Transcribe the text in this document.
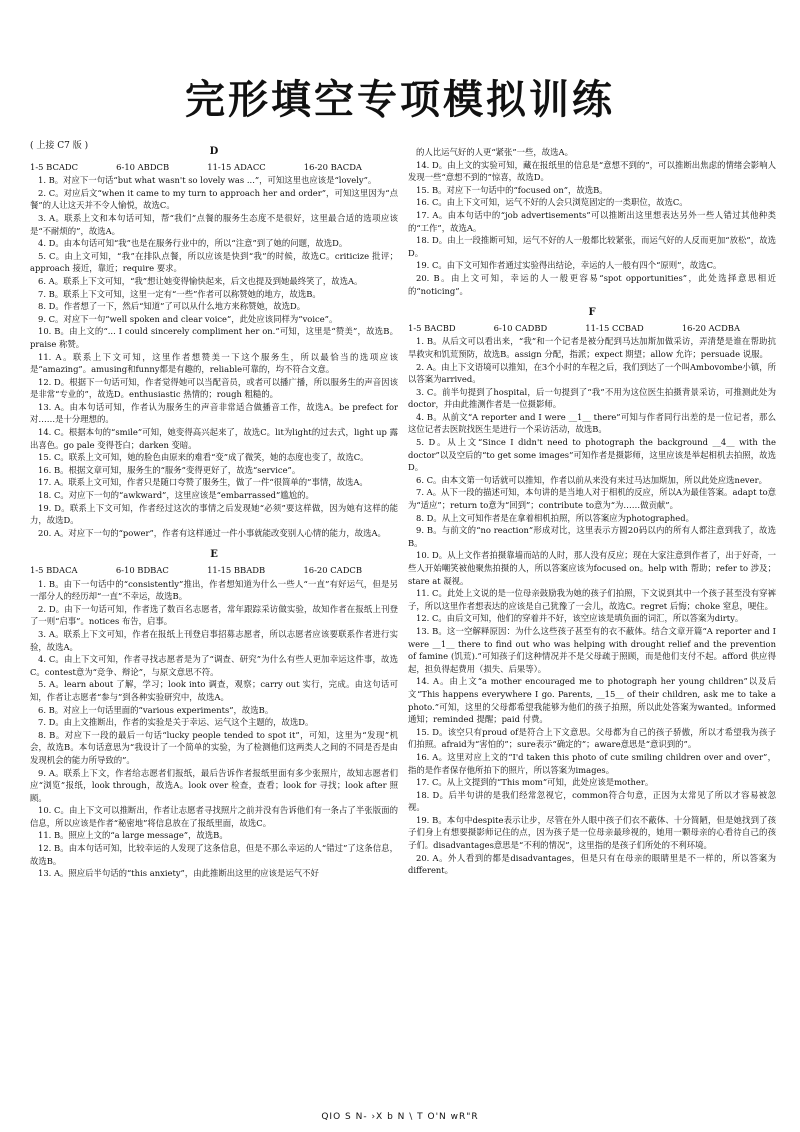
完形填空专项模拟训练
( 上接 C7 版 )	D
1-5 BCADC	6-10 ABDCB	11-15 ADACC	16-20 BACDA

1. B。对应下一句话“but what wasn't so lovely was ...”，可知这里也应该是“lovely”。

2. C。对应后文“when it came to my turn to approach her and order”，可知这里因为“点餐”的人让这天并不令人愉悦，故选C。

3. A。联系上文和本句话可知，帮“我们”点餐的服务生态度不是很好，这里最合适的选项应该是“不耐烦的”，故选A。

4. D。由本句话可知“我”也是在服务行业中的，所以“注意”到了她的问题，故选D。

5. C。由上文可知，“我”在排队点餐，所以应该是快到“我”的时候，故选C。criticize 批评；approach 接近，靠近；require 要求。

6. A。联系上下文可知，“我”想让她变得愉快起来，后文也提及到她最终笑了，故选A。

7. B。联系上下文可知，这里一定有“一些”作者可以称赞她的地方，故选B。

8. D。作者想了一下，然后“知道”了可以从什么地方来称赞她，故选D。

9. C。对应下一句“well spoken and clear voice”，此处应该同样为“voice”。

10. B。由上文的“... I could sincerely compliment her on.”可知，这里是“赞美”，故选B。praise 称赞。

11. A。联系上下文可知，这里作者想赞美一下这个服务生，所以最恰当的选项应该是“amazing”。amusing和funny都是有趣的，reliable可靠的，均不符合文意。

12. D。根据下一句话可知，作者觉得她可以当配音员，或者可以播广播，所以服务生的声音因该是非常“专业的”，故选D。enthusiastic 热情的；rough 粗糙的。

13. A。由本句话可知，作者认为服务生的声音非常适合做播音工作，故选A。be prefect for 对……是十分理想的。

14. C。根据本句的“smile”可知，她变得高兴起来了，故选C。lit为light的过去式，light up 露出喜色。go pale 变得苍白；darken 变暗。

15. C。联系上文可知，她的脸色由原来的难看“变”成了微笑，她的态度也变了，故选C。

16. B。根据文章可知，服务生的“服务”变得更好了，故选“service”。

17. A。联系上文可知，作者只是随口夸赞了服务生，做了一件“很简单的”事情，故选A。

18. C。对应下一句的“awkward”，这里应该是“embarrassed”尴尬的。

19. D。联系上下文可知，作者经过这次的事情之后发现她“必须”要这样做，因为她有这样的能力，故选D。

20. A。对应下一句的“power”，作者有这样通过一件小事就能改变别人心情的能力，故选A。

E
1-5 BDACA	6-10 BDBAC	11-15 BBADB	16-20 CADCB

1. B。由下一句话中的“consistently”推出，作者想知道为什么一些人“一直”有好运气，但是另一部分人的经历却“一直”不幸运，故选B。

2. D。由下一句话可知，作者选了数百名志愿者，常年跟踪采访做实验，故知作者在报纸上刊登了一则“启事”。notices 布告，启事。

3. A。联系上下文可知，作者在报纸上刊登启事招募志愿者，所以志愿者应该要联系作者进行实验，故选A。

4. C。由上下文可知，作者寻找志愿者是为了“调查、研究”为什么有些人更加幸运这件事，故选C。contest意为“竞争、辩论”，与原文意思不符。

5. A。learn about 了解，学习；look into 调查，观察；carry out 实行，完成。由这句话可知，作者让志愿者“参与”到各种实验研究中，故选A。

6. B。对应上一句话里面的“various experiments”，故选B。

7. D。由上文推断出，作者的实验是关于幸运、运气这个主题的，故选D。

8. B。对应下一段的最后一句话“lucky people tended to spot it”，可知，这里为“发现”机会，故选B。本句话意思为“我设计了一个简单的实验，为了检测他们这两类人之间的不同是否是由发现机会的能力所导致的”。

9. A。联系上下文，作者给志愿者们报纸，最后告诉作者报纸里面有多少张照片，故知志愿者们应“浏览”报纸，look through，故选A。look over 检查，查看；look for 寻找；look after 照顾。

10. C。由上下文可以推断出，作者让志愿者寻找照片之前并没有告诉他们有一条占了半张版面的信息，所以应该是作者“秘密地”将信息放在了报纸里面，故选C。

11. B。照应上文的“a large message”，故选B。

12. B。由本句话可知，比较幸运的人发现了这条信息，但是不那么幸运的人“错过”了这条信息，故选B。

13. A。照应后半句话的“this anxiety”，由此推断出这里的应该是运气不好

的人比运气好的人更“紧张”一些，故选A。

14. D。由上文的实验可知，藏在报纸里的信息是“意想不到的”，可以推断出焦虑的情绪会影响人发现一些“意想不到的”惊喜，故选D。

15. B。对应下一句话中的“focused on”，故选B。

16. C。由上下文可知，运气不好的人会只浏览固定的一类职位，故选C。

17. A。由本句话中的“job advertisements”可以推断出这里想表达另外一些人错过其他种类的“工作”，故选A。

18. D。由上一段推断可知，运气不好的人一般都比较紧张，而运气好的人反而更加“放松”，故选D。

19. C。由下文可知作者通过实验得出结论，幸运的人一般有四个“原则”，故选C。

20. B。由上文可知，幸运的人一般更容易“spot opportunities”，此处选择意思相近的“noticing”。

F
1-5 BACBD	6-10 CADBD	11-15 CCBAD	16-20 ACDBA

1. B。从后文可以看出来，“我”和一个记者是被分配到马达加斯加做采访，弄清楚是谁在帮助抗旱救灾和饥荒预防，故选B。assign 分配，指派；expect 期望；allow 允许；persuade 说服。

2. A。由上下文语境可以推知，在3个小时的车程之后，我们到达了一个叫Ambovombe小镇，所以答案为arrived。

3. C。前半句提到了hospital，后一句提到了“我”不用为这位医生拍摄背景采访，可推测此处为doctor，并由此推测作者是一位摄影师。

4. B。从前文“A reporter and I were __1__ there”可知与作者同行出差的是一位记者，那么这位记者去医院找医生是进行一个采访活动，故选B。

5. D。从上文“Since I didn't need to photograph the background __4__ with the doctor”以及空后的“to get some images”可知作者是摄影师，这里应该是举起相机去拍照，故选D。

6. C。由本文第一句话就可以推知，作者以前从来没有来过马达加斯加，所以此处应选never。

7. A。从下一段的描述可知，本句讲的是当地人对于相机的反应，所以A为最佳答案。adapt to意为“适应”；return to意为“回到”；contribute to意为“为……做贡献”。

8. D。从上文可知作者是在拿着相机拍照，所以答案应为photographed。

9. B。与前文的“no reaction”形成对比，这里表示方圆20码以内的所有人都注意到我了，故选B。

10. D。从上文作者拍摄靠墙而站的人时，那人没有反应；现在大家注意到作者了，出于好奇，一些人开始嘲笑被他聚焦拍摄的人，所以答案应该为focused on。help with 帮助；refer to 涉及；stare at 凝视。

11. C。此处上文说的是一位母亲鼓励我为她的孩子们拍照，下文说到其中一个孩子甚至没有穿裤子，所以这里作者想表达的应该是自己犹豫了一会儿，故选C。regret 后悔；choke 窒息，哽住。

12. C。由后文可知，他们的穿着并不好，该空应该是填负面的词汇，所以答案为dirty。

13. B。这一空解释原因：为什么这些孩子甚至有的衣不蔽体。结合文章开篇“A reporter and I were __1__ there to find out who was helping with drought relief and the prevention of famine (饥荒).”可知孩子们这种情况并不是父母疏于照顾，而是他们支付不起。afford 供应得起，担负得起费用（损失、后果等）。

14. A。由上文“a mother encouraged me to photograph her young children”以及后文“This happens everywhere I go. Parents, __15__ of their children, ask me to take a photo.”可知，这里的父母都希望我能够为他们的孩子拍照，所以此处答案为wanted。informed 通知；reminded 提醒；paid 付费。

15. D。该空只有proud of是符合上下文意思。父母都为自己的孩子骄傲，所以才希望我为孩子们拍照。afraid为“害怕的”；sure表示“确定的”；aware意思是“意识到的”。

16. A。这里对应上文的“I'd taken this photo of cute smiling children over and over”，指的是作者保存他所拍下的照片，所以答案为images。

17. C。从上文提到的“This mom”可知，此处应该是mother。

18. D。后半句讲的是我们经常忽视它，common符合句意，正因为太常见了所以才容易被忽视。

19. B。本句中despite表示让步，尽管在外人眼中孩子们衣不蔽体、十分简陋，但是她找到了孩子们身上有想要摄影师记住的点，因为孩子是一位母亲最珍视的，她用一颗母亲的心看待自己的孩子们。disadvantages意思是“不利的情况”，这里指的是孩子们所处的不利环境。

20. A。外人看到的都是disadvantages，但是只有在母亲的眼睛里是不一样的，所以答案为different。

QIO S N- ›X b N \ T O'N wR"R
